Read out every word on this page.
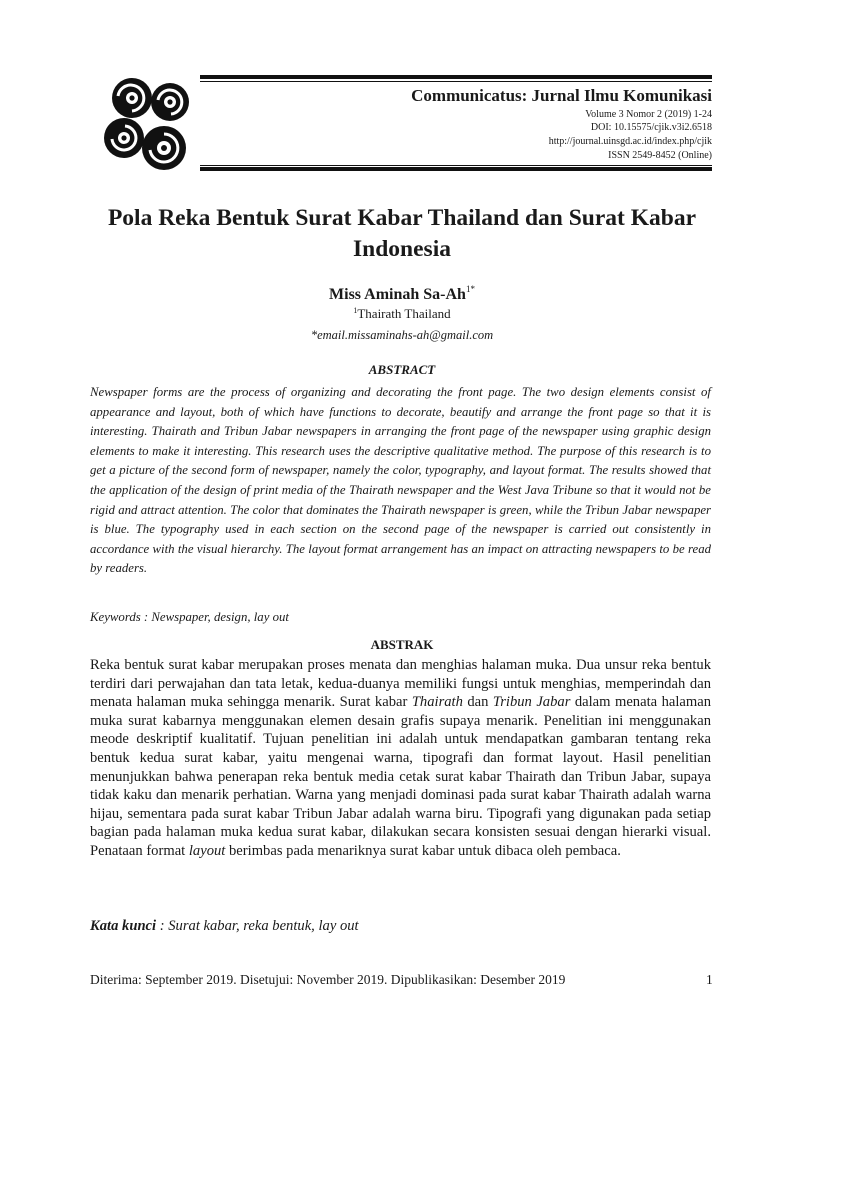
Communicatus: Jurnal Ilmu Komunikasi
Volume 3 Nomor 2 (2019) 1-24
DOI: 10.15575/cjik.v3i2.6518
http://journal.uinsgd.ac.id/index.php/cjik
ISSN 2549-8452 (Online)
Pola Reka Bentuk Surat Kabar Thailand dan Surat Kabar Indonesia
Miss Aminah $Sa-Ah^{1*}$
$^1$Thairath Thailand
*email.missaminahs-ah@gmail.com
ABSTRACT

Newspaper forms are the process of organizing and decorating the front page. The two design elements consist of appearance and layout, both of which have functions to decorate, beautify and arrange the front page so that it is interesting. Thairath and Tribun Jabar newspapers in arranging the front page of the newspaper using graphic design elements to make it interesting. This research uses the descriptive qualitative method. The purpose of this research is to get a picture of the second form of newspaper, namely the color, typography, and layout format. The results showed that the application of the design of print media of the Thairath newspaper and the West Java Tribune so that it would not be rigid and attract attention. The color that dominates the Thairath newspaper is green, while the Tribun Jabar newspaper is blue. The typography used in each section on the second page of the newspaper is carried out consistently in accordance with the visual hierarchy. The layout format arrangement has an impact on attracting newspapers to be read by readers.

Keywords : Newspaper, design, lay out

ABSTRAK

Reka bentuk surat kabar merupakan proses menata dan menghias halaman muka. Dua unsur reka bentuk terdiri dari perwajahan dan tata letak, kedua-duanya memiliki fungsi untuk menghias, memperindah dan menata halaman muka sehingga menarik. Surat kabar Thairath dan Tribun Jabar dalam menata halaman muka surat kabarnya menggunakan elemen desain grafis supaya menarik. Penelitian ini menggunakan meode deskriptif kualitatif. Tujuan penelitian ini adalah untuk mendapatkan gambaran tentang reka bentuk kedua surat kabar, yaitu mengenai warna, tipografi dan format layout. Hasil penelitian menunjukkan bahwa penerapan reka bentuk media cetak surat kabar Thairath dan Tribun Jabar, supaya tidak kaku dan menarik perhatian. Warna yang menjadi dominasi pada surat kabar Thairath adalah warna hijau, sementara pada surat kabar Tribun Jabar adalah warna biru. Tipografi yang digunakan pada setiap bagian pada halaman muka kedua surat kabar, dilakukan secara konsisten sesuai dengan hierarki visual. Penataan format layout berimbas pada menariknya surat kabar untuk dibaca oleh pembaca.

Kata kunci : Surat kabar, reka bentuk, lay out

Diterima: September 2019. Disetujui: November 2019. Dipublikasikan: Desember 2019	1
